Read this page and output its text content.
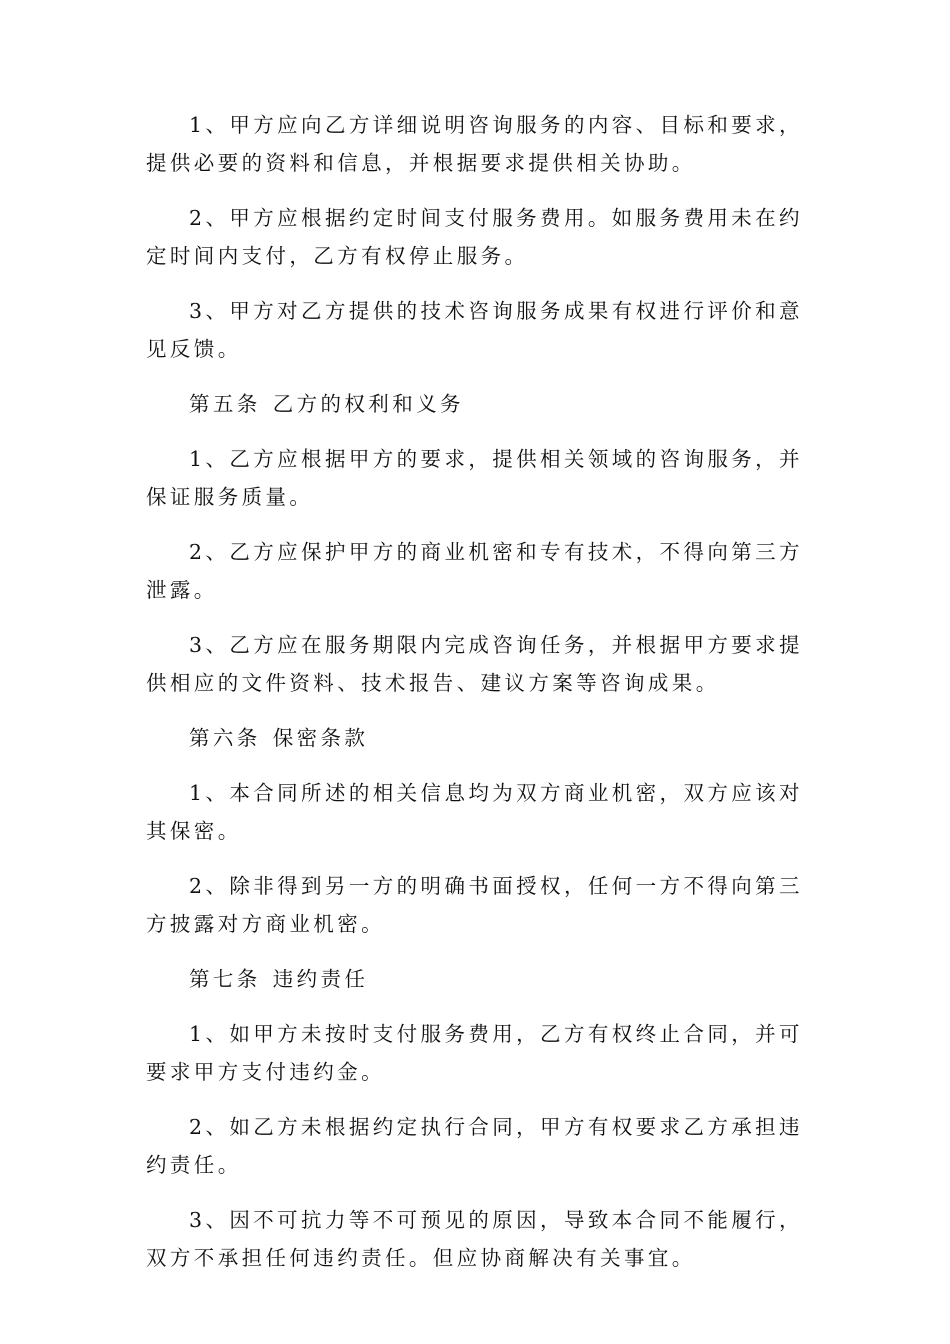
1、甲方应向乙方详细说明咨询服务的内容、目标和要求，提供必要的资料和信息，并根据要求提供相关协助。

2、甲方应根据约定时间支付服务费用。如服务费用未在约定时间内支付，乙方有权停止服务。

3、甲方对乙方提供的技术咨询服务成果有权进行评价和意见反馈。

第五条 乙方的权利和义务

1、乙方应根据甲方的要求，提供相关领域的咨询服务，并保证服务质量。

2、乙方应保护甲方的商业机密和专有技术，不得向第三方泄露。

3、乙方应在服务期限内完成咨询任务，并根据甲方要求提供相应的文件资料、技术报告、建议方案等咨询成果。

第六条 保密条款

1、本合同所述的相关信息均为双方商业机密，双方应该对其保密。

2、除非得到另一方的明确书面授权，任何一方不得向第三方披露对方商业机密。

第七条 违约责任

1、如甲方未按时支付服务费用，乙方有权终止合同，并可要求甲方支付违约金。

2、如乙方未根据约定执行合同，甲方有权要求乙方承担违约责任。

3、因不可抗力等不可预见的原因，导致本合同不能履行，双方不承担任何违约责任。但应协商解决有关事宜。
